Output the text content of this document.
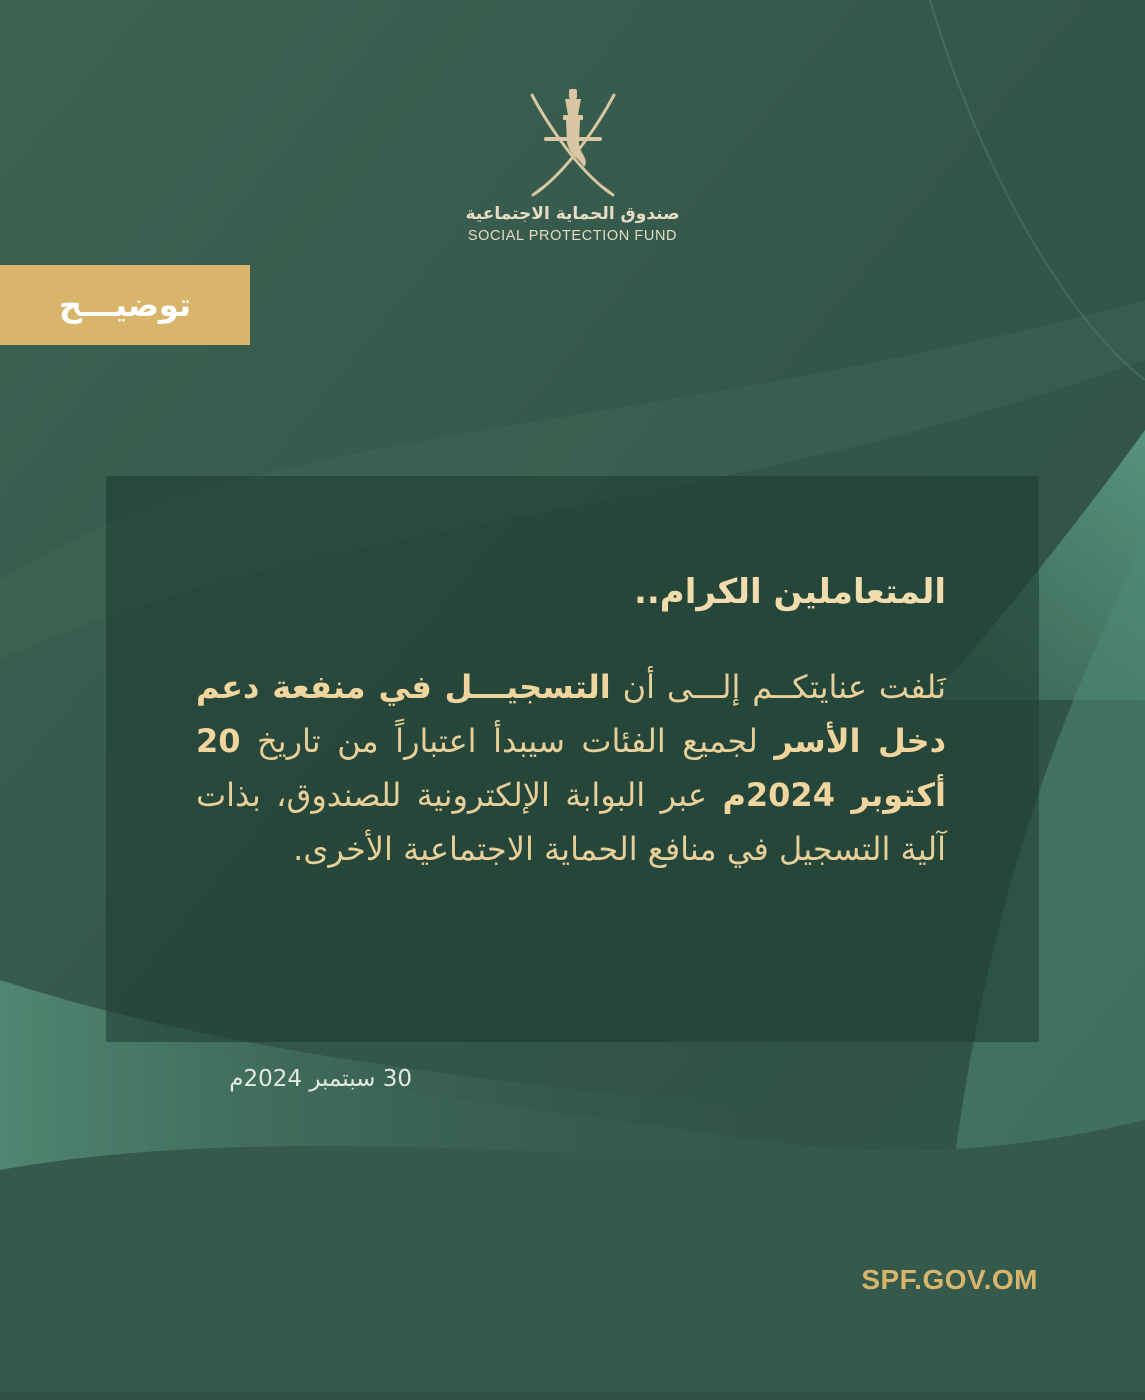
صندوق الحماية الاجتماعية
SOCIAL PROTECTION FUND
توضيـــح
المتعاملين الكرام..

نَلفت عنايتكــم إلـــى أن التسجيـــل في منفعة دعم دخل الأسر لجميع الفئات سيبدأ اعتباراً من تاريخ 20 أكتوبر 2024م عبر البوابة الإلكترونية للصندوق، بذات آلية التسجيل في منافع الحماية الاجتماعية الأخرى.

30 سبتمبر 2024م
SPF.GOV.OM
